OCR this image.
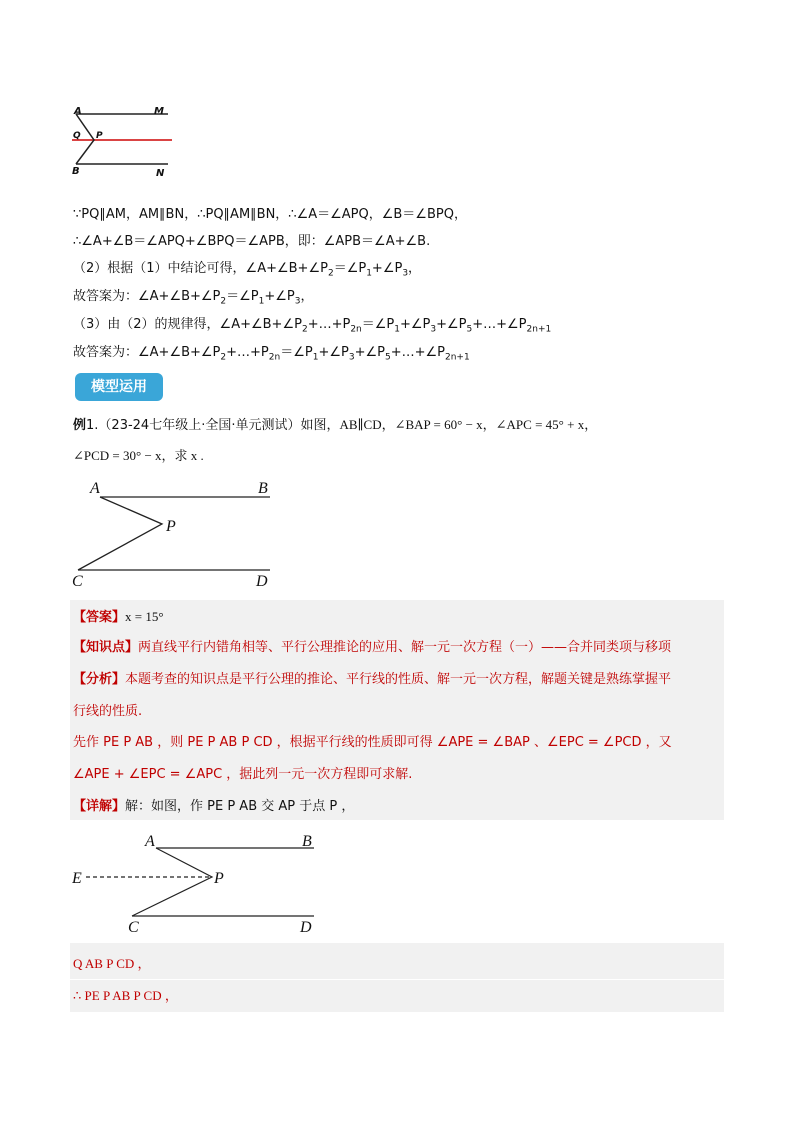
A	M
Q P
B	N
∵PQ∥AM，AM∥BN，∴PQ∥AM∥BN，∴∠A＝∠APQ，∠B＝∠BPQ，
∴∠A+∠B＝∠APQ+∠BPQ＝∠APB，即：∠APB＝∠A+∠B.
（2）根据（1）中结论可得，$\angle A+\angle B+\angle P_2=\angle P_1+\angle P_3$，
故答案为：$\angle A+\angle B+\angle P_2=\angle P_1+\angle P_3$，
（3）由（2）的规律得，$\angle A+\angle B+\angle P_2+\dots+P_{2n}=\angle P_1+\angle P_3+\angle P_5+\dots+\angle P_{2n+1}$
故答案为：$\angle A+\angle B+\angle P_2+\dots+P_{2n}=\angle P_1+\angle P_3+\angle P_5+\dots+\angle P_{2n+1}$
模型运用
例1.（23-24七年级上·全国·单元测试）如图，AB∥CD，∠BAP = 60° − x，∠APC = 45° + x，
∠PCD = 30° − x，求 x .
A	B
P
C	D
【答案】x = 15°
【知识点】两直线平行内错角相等、平行公理推论的应用、解一元一次方程（一）——合并同类项与移项
【分析】本题考查的知识点是平行公理的推论、平行线的性质、解一元一次方程，解题关键是熟练掌握平
行线的性质.
先作 PE P AB ，则 PE P AB P CD ，根据平行线的性质即可得 ∠APE = ∠BAP 、∠EPC = ∠PCD ，又
∠APE + ∠EPC = ∠APC ，据此列一元一次方程即可求解.
【详解】解：如图，作 PE P AB 交 AP 于点 P ，
A	B
E	P
C	D
Q AB P CD ，
∴ PE P AB P CD ，
